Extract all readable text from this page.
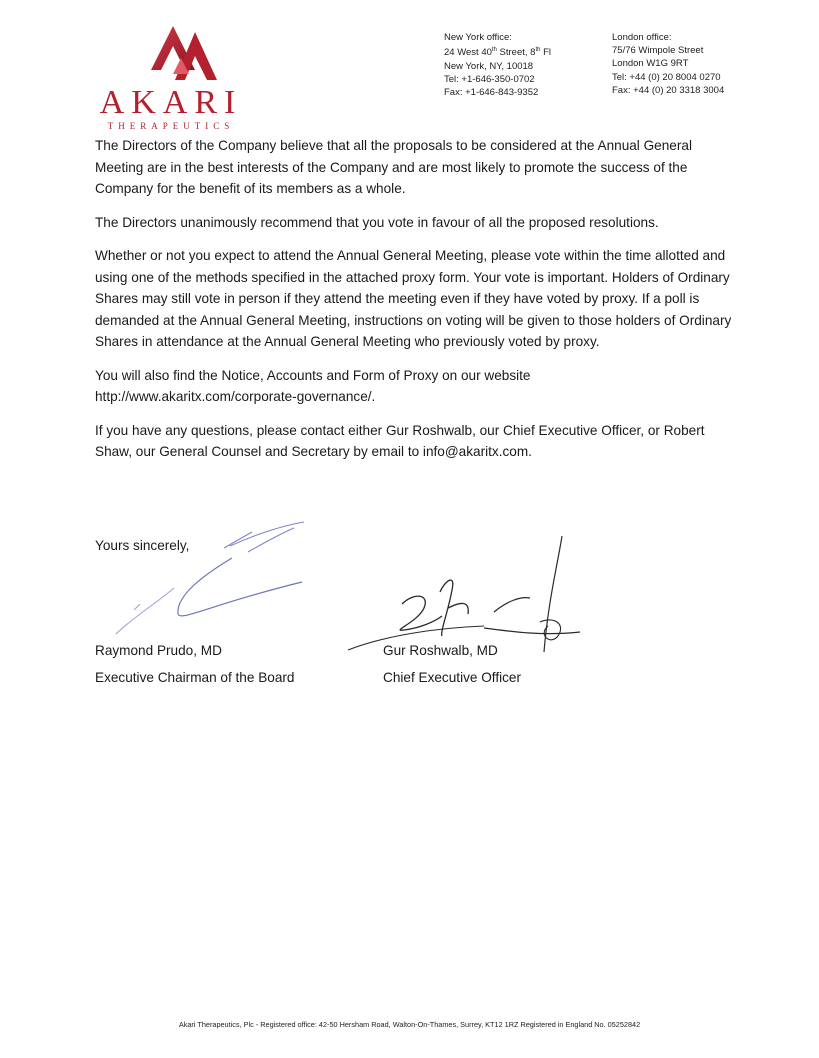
AKARI
THERAPEUTICS
New York office:
24 West 40th Street, 8th Fl
New York, NY, 10018
Tel: +1-646-350-0702
Fax: +1-646-843-9352
London office:
75/76 Wimpole Street
London W1G 9RT
Tel: +44 (0) 20 8004 0270
Fax: +44 (0) 20 3318 3004

The Directors of the Company believe that all the proposals to be considered at the Annual General Meeting are in the best interests of the Company and are most likely to promote the success of the Company for the benefit of its members as a whole.

The Directors unanimously recommend that you vote in favour of all the proposed resolutions.

Whether or not you expect to attend the Annual General Meeting, please vote within the time allotted and using one of the methods specified in the attached proxy form. Your vote is important. Holders of Ordinary Shares may still vote in person if they attend the meeting even if they have voted by proxy. If a poll is demanded at the Annual General Meeting, instructions on voting will be given to those holders of Ordinary Shares in attendance at the Annual General Meeting who previously voted by proxy.

You will also find the Notice, Accounts and Form of Proxy on our website http://www.akaritx.com/corporate-governance/.

If you have any questions, please contact either Gur Roshwalb, our Chief Executive Officer, or Robert Shaw, our General Counsel and Secretary by email to info@akaritx.com.

Yours sincerely,
Raymond Prudo, MD
Executive Chairman of the Board
Gur Roshwalb, MD
Chief Executive Officer
Akari Therapeutics, Plc - Registered office: 42-50 Hersham Road, Walton-On-Thames, Surrey, KT12 1RZ Registered in England No. 05252842
